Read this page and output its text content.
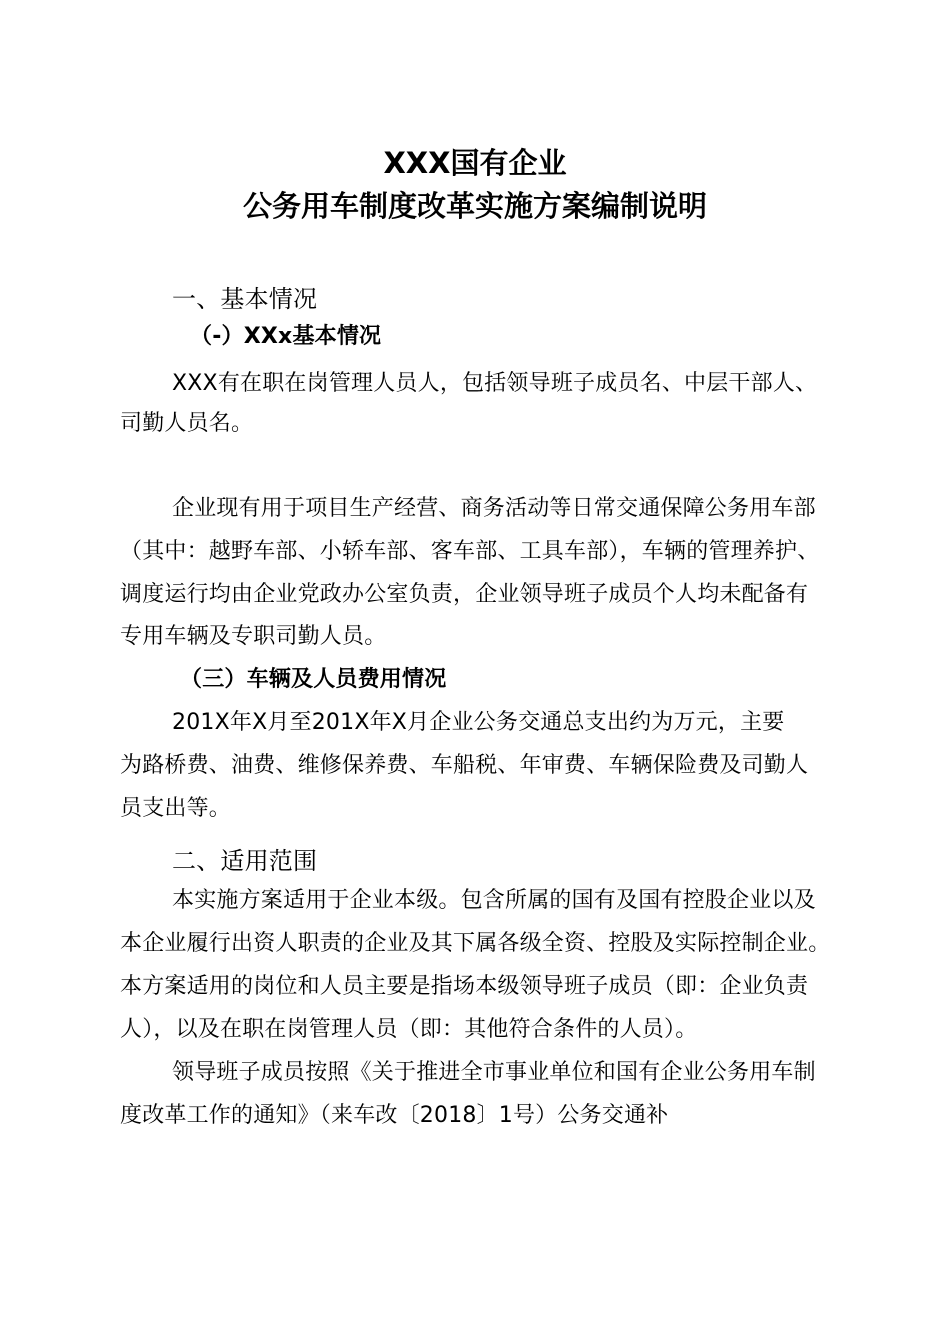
XXX国有企业
公务用车制度改革实施方案编制说明
一、基本情况
（-）XXx基本情况
XXX有在职在岗管理人员人，包括领导班子成员名、中层干部人、
司勤人员名。
企业现有用于项目生产经营、商务活动等日常交通保障公务用车部
（其中：越野车部、小轿车部、客车部、工具车部），车辆的管理养护、
调度运行均由企业党政办公室负责，企业领导班子成员个人均未配备有
专用车辆及专职司勤人员。
（三）车辆及人员费用情况
201X年X月至201X年X月企业公务交通总支出约为万元，主要
为路桥费、油费、维修保养费、车船税、年审费、车辆保险费及司勤人
员支出等。
二、适用范围
本实施方案适用于企业本级。包含所属的国有及国有控股企业以及
本企业履行出资人职责的企业及其下属各级全资、控股及实际控制企业。
本方案适用的岗位和人员主要是指场本级领导班子成员（即：企业负责
人），以及在职在岗管理人员（即：其他符合条件的人员）。
领导班子成员按照《关于推进全市事业单位和国有企业公务用车制
度改革工作的通知》（来车改〔2018〕1号）公务交通补
